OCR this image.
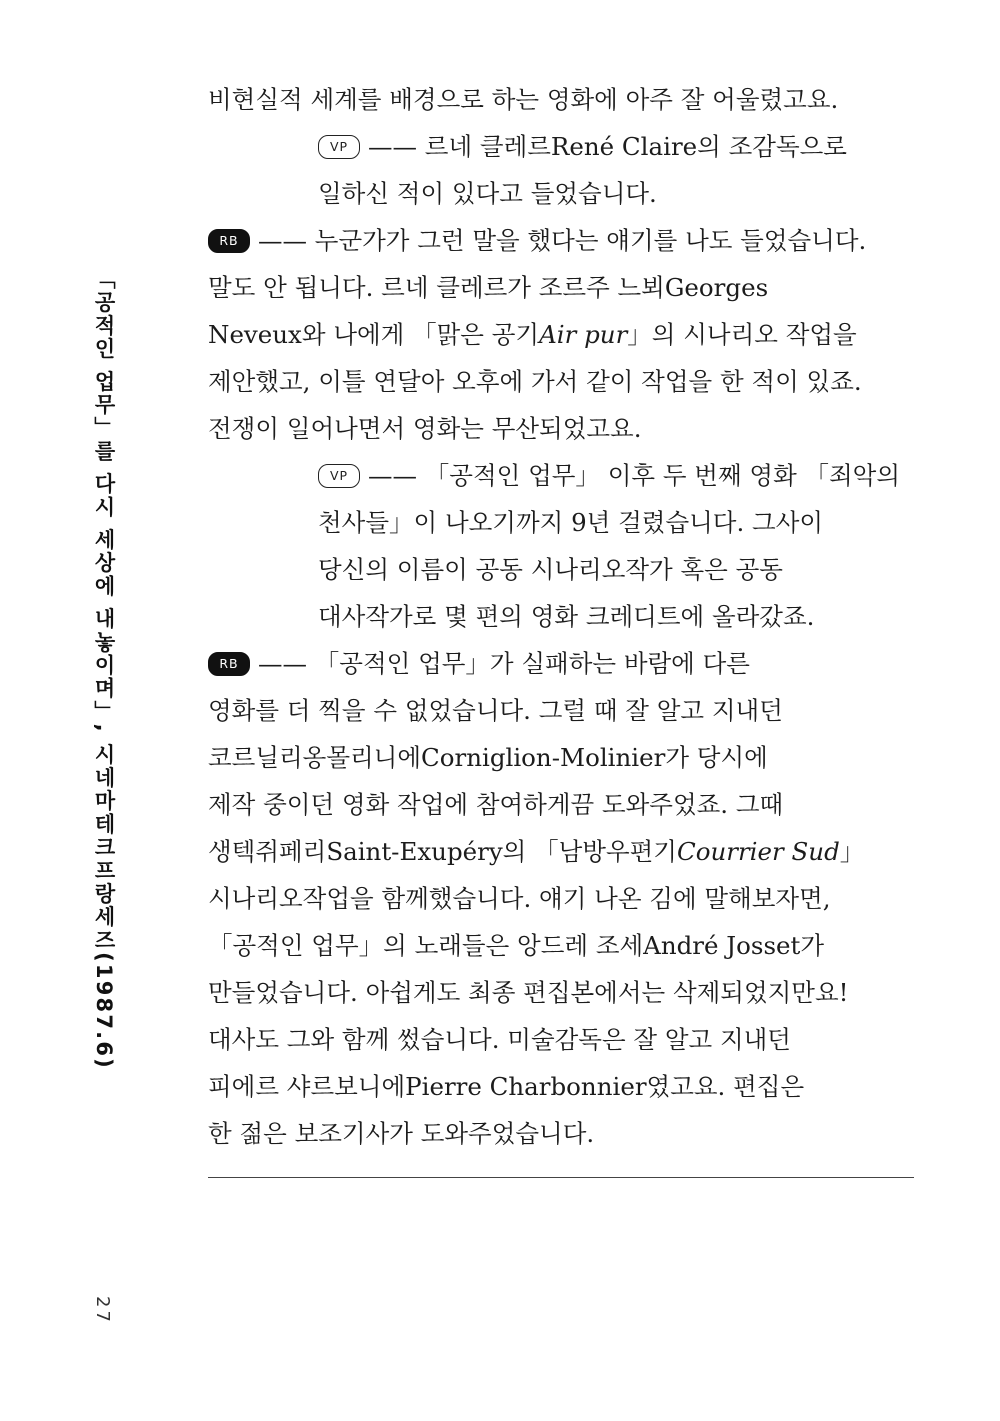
「공적인 업무」를 다시 세상에 내놓이며」, 시네마테크프랑세즈(1987.6)
27
비현실적 세계를 배경으로 하는 영화에 아주 잘 어울렸고요.
VP —— 르네 클레르René Claire의 조감독으로
일하신 적이 있다고 들었습니다.
RB —— 누군가가 그런 말을 했다는 얘기를 나도 들었습니다.
말도 안 됩니다. 르네 클레르가 조르주 느뵈Georges
Neveux와 나에게 「맑은 공기Air pur」의 시나리오 작업을
제안했고, 이틀 연달아 오후에 가서 같이 작업을 한 적이 있죠.
전쟁이 일어나면서 영화는 무산되었고요.
VP —— 「공적인 업무」 이후 두 번째 영화 「죄악의
천사들」이 나오기까지 9년 걸렸습니다. 그사이
당신의 이름이 공동 시나리오작가 혹은 공동
대사작가로 몇 편의 영화 크레디트에 올라갔죠.
RB —— 「공적인 업무」가 실패하는 바람에 다른
영화를 더 찍을 수 없었습니다. 그럴 때 잘 알고 지내던
코르닐리옹몰리니에Corniglion-Molinier가 당시에
제작 중이던 영화 작업에 참여하게끔 도와주었죠. 그때
생텍쥐페리Saint-Exupéry의 「남방우편기Courrier Sud」
시나리오작업을 함께했습니다. 얘기 나온 김에 말해보자면,
「공적인 업무」의 노래들은 앙드레 조세André Josset가
만들었습니다. 아쉽게도 최종 편집본에서는 삭제되었지만요!
대사도 그와 함께 썼습니다. 미술감독은 잘 알고 지내던
피에르 샤르보니에Pierre Charbonnier였고요. 편집은
한 젊은 보조기사가 도와주었습니다.
